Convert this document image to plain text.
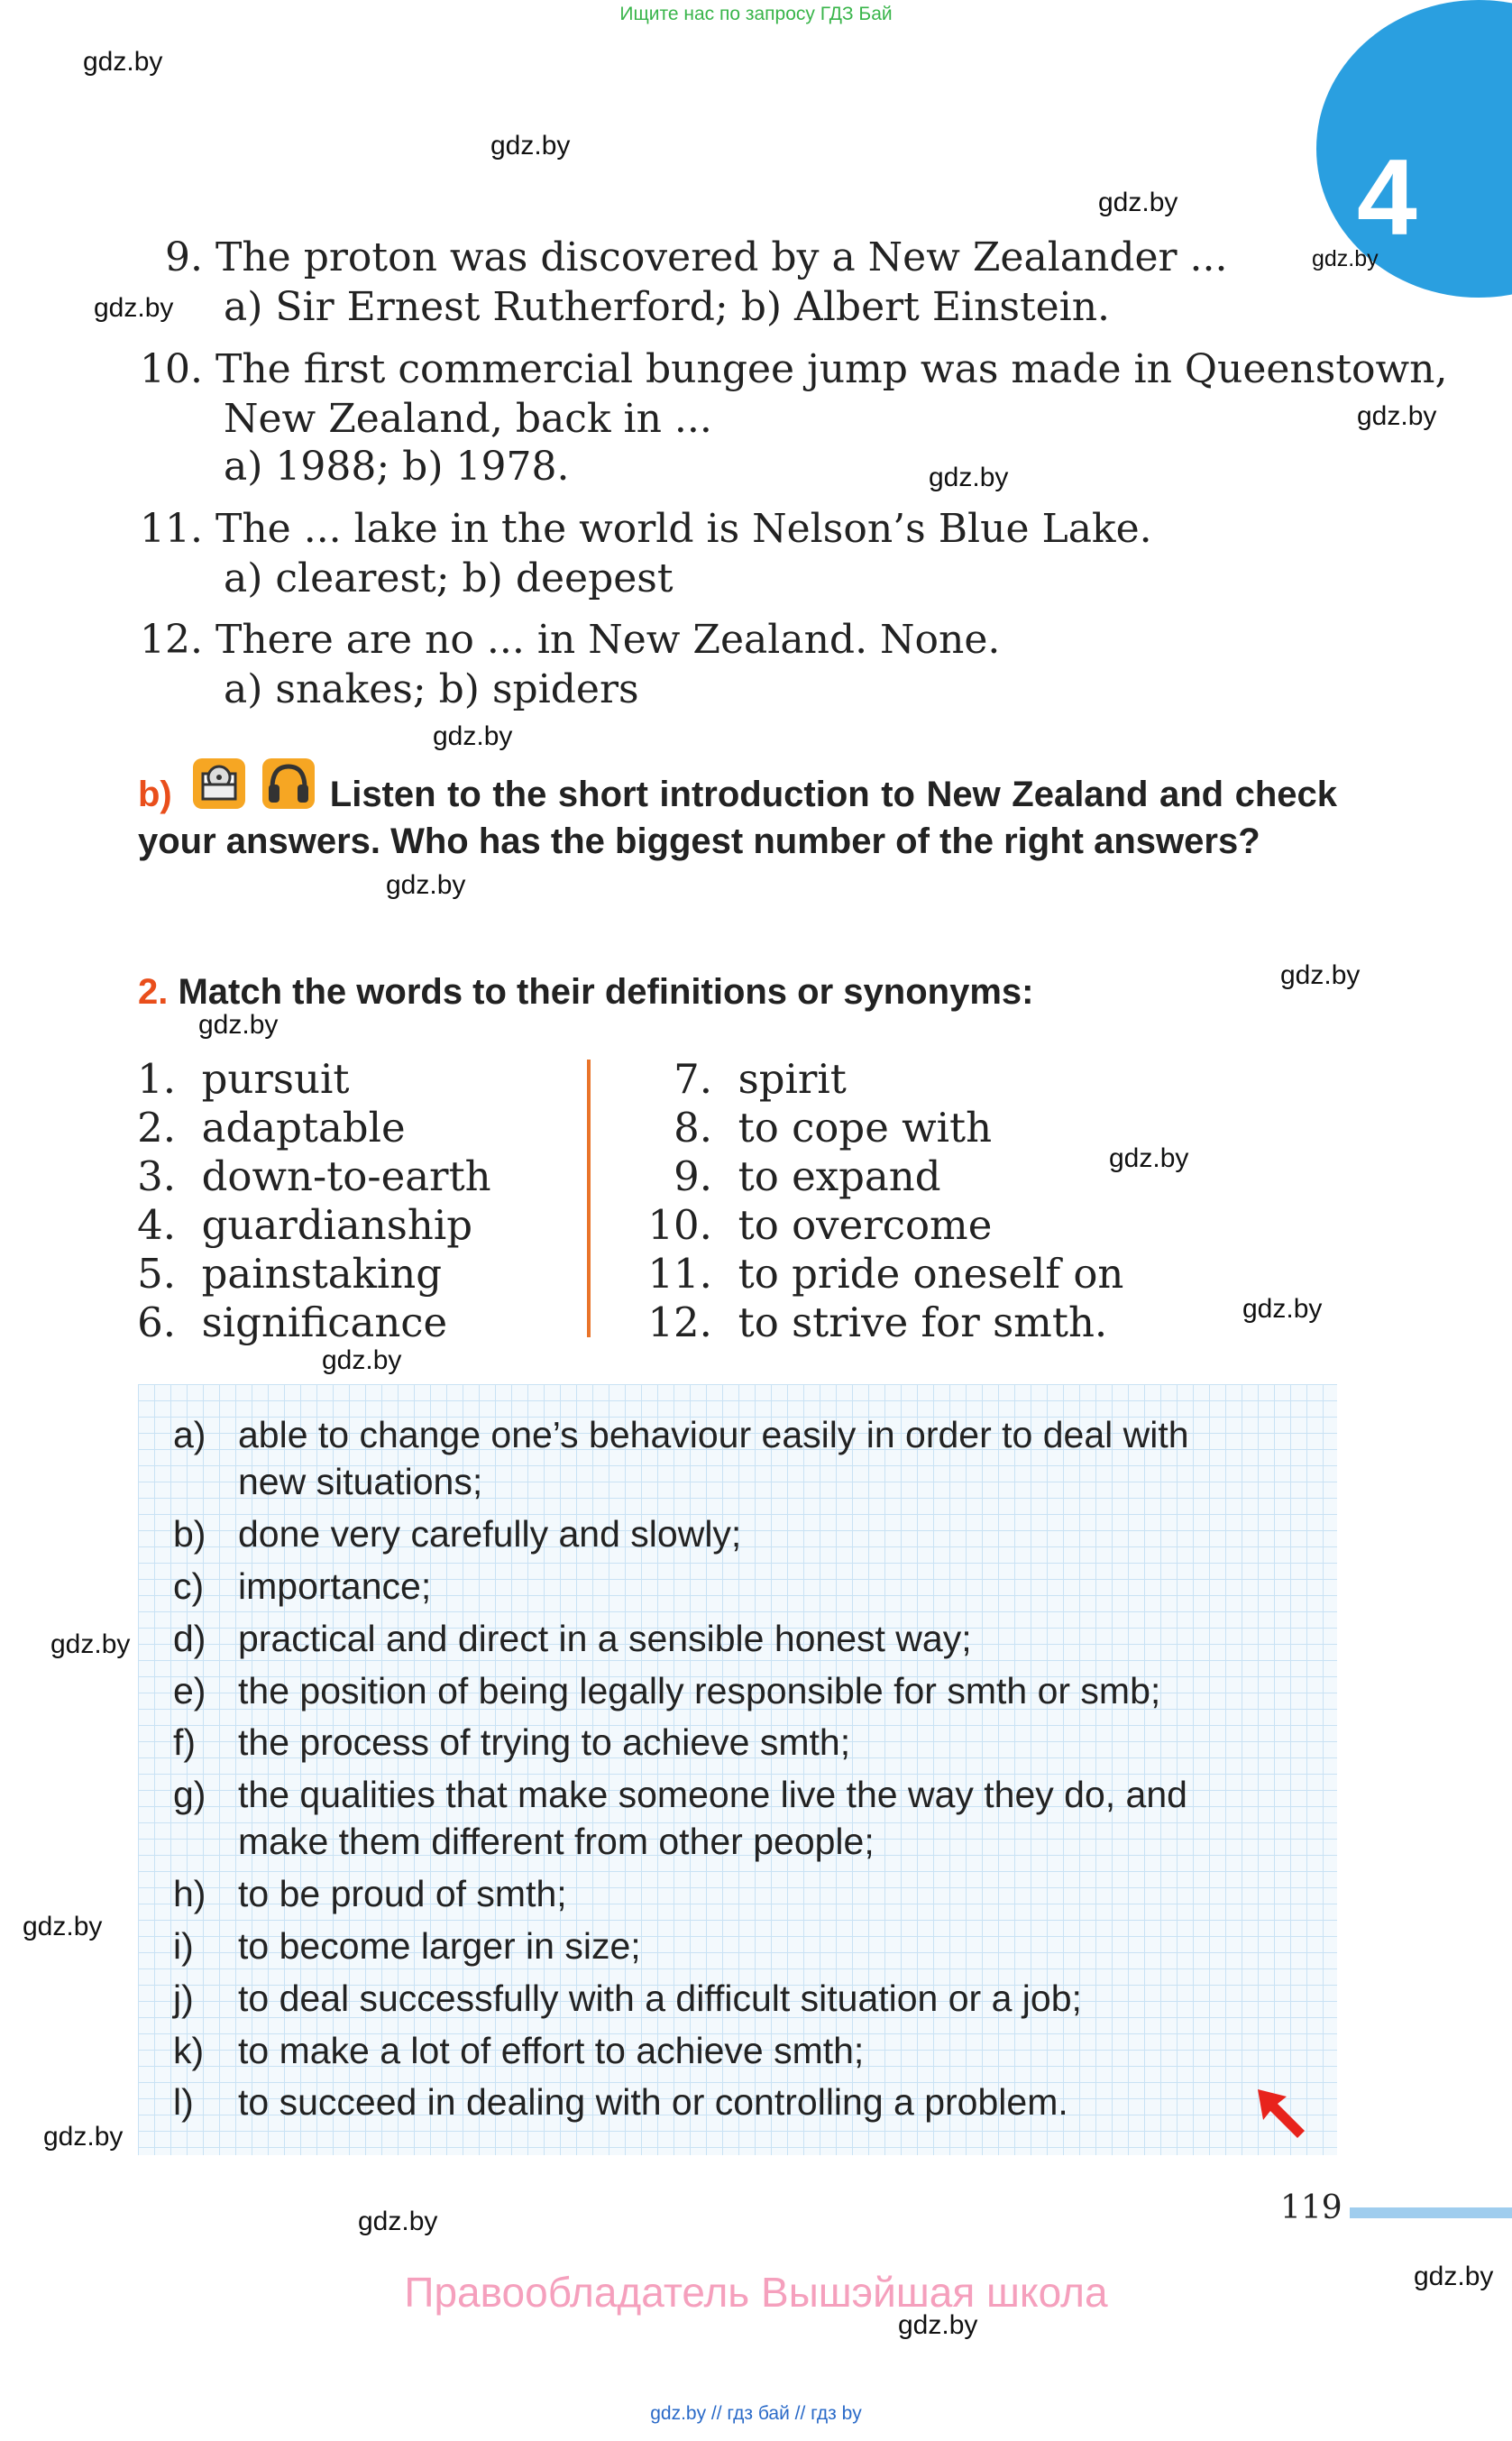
Ищите нас по запросу ГДЗ Бай
4
gdz.by
gdz.by
gdz.by
gdz.by
gdz.by
gdz.by
gdz.by
gdz.by
gdz.by
gdz.by
gdz.by
gdz.by
gdz.by
gdz.by
gdz.by
gdz.by
gdz.by
gdz.by
gdz.by
gdz.by
9. The proton was discovered by a New Zealander ...
a) Sir Ernest Rutherford; b) Albert Einstein.
10. The first commercial bungee jump was made in Queenstown,
New Zealand, back in ...
a) 1988; b) 1978.
11. The ... lake in the world is Nelson’s Blue Lake.
a) clearest; b) deepest
12. There are no ... in New Zealand. None.
a) snakes; b) spiders
b)	Listen to the short introduction to New Zealand and check your answers. Who has the biggest number of the right answers?
2. Match the words to their definitions or synonyms:
1. pursuit
2. adaptable
3. down-to-earth
4. guardianship
5. painstaking
6. significance
7. spirit
8. to cope with
9. to expand
10. to overcome
11. to pride oneself on
12. to strive for smth.
a) able to change one’s behaviour easily in order to deal with
new situations;
b) done very carefully and slowly;
c) importance;
d) practical and direct in a sensible honest way;
e) the position of being legally responsible for smth or smb;
f) the process of trying to achieve smth;
g) the qualities that make someone live the way they do, and
make them different from other people;
h) to be proud of smth;
i) to become larger in size;
j) to deal successfully with a difficult situation or a job;
k) to make a lot of effort to achieve smth;
l) to succeed in dealing with or controlling a problem.
119
Правообладатель Вышэйшая школа
gdz.by // гдз бай // гдз by
